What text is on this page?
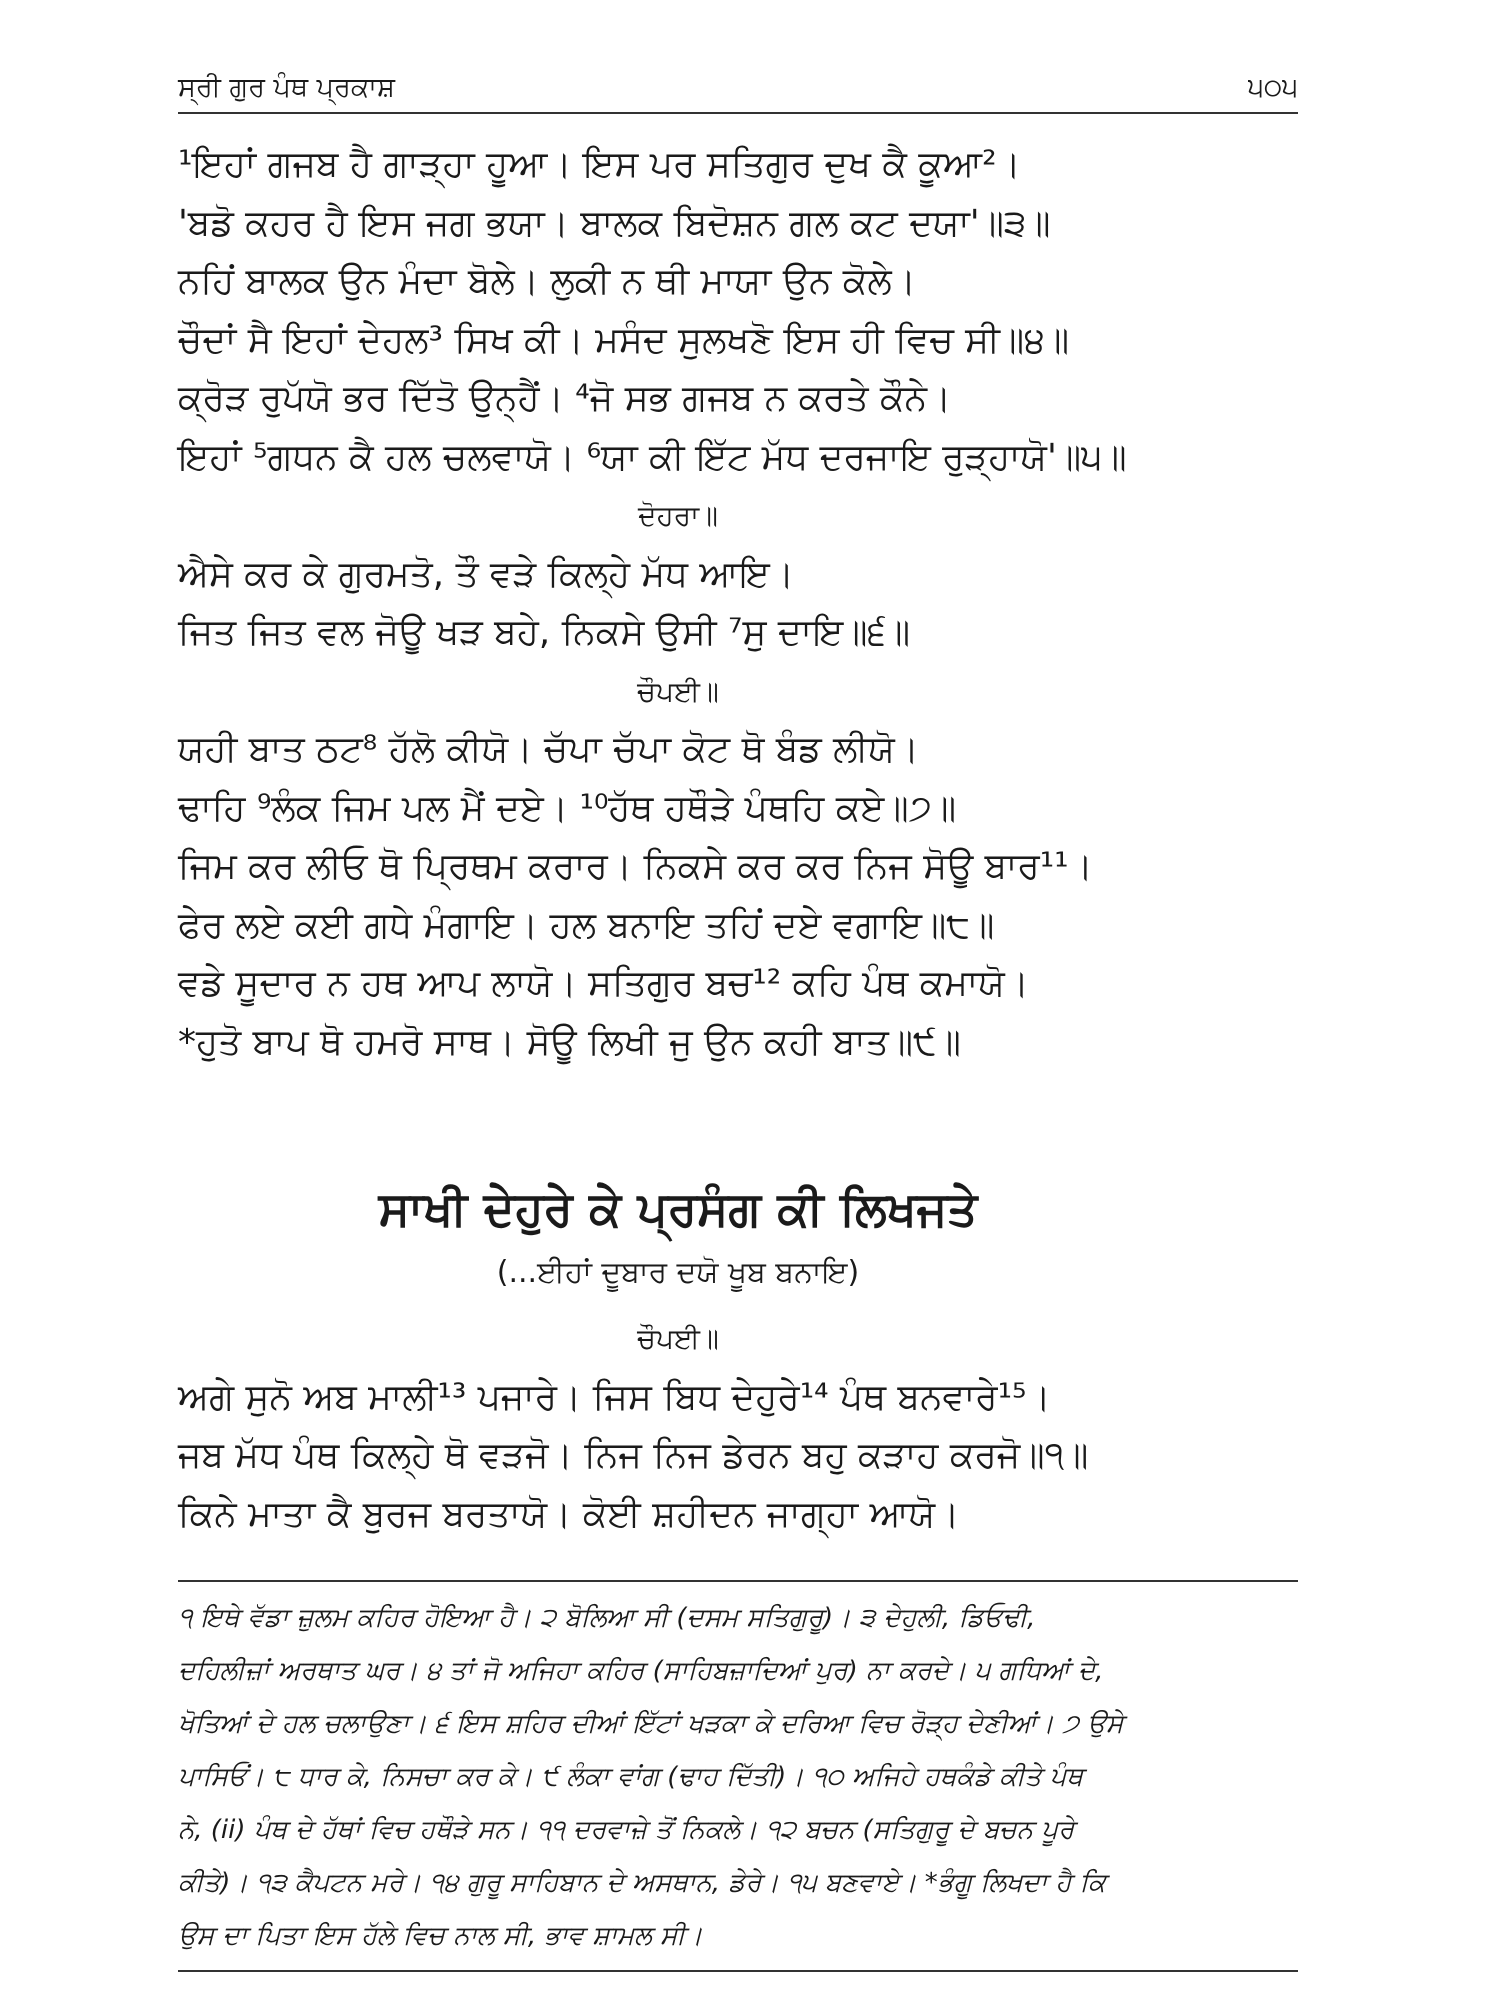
ਸ੍ਰੀ ਗੁਰ ਪੰਥ ਪ੍ਰਕਾਸ਼	੫੦੫
¹ਇਹਾਂ ਗਜਬ ਹੈ ਗਾੜ੍ਹਾ ਹੂਆ। ਇਸ ਪਰ ਸਤਿਗੁਰ ਦੁਖ ਕੈ ਕੂਆ²।
'ਬਡੋ ਕਹਰ ਹੈ ਇਸ ਜਗ ਭਯਾ। ਬਾਲਕ ਬਿਦੋਸ਼ਨ ਗਲ ਕਟ ਦਯਾ'॥੩॥
ਨਹਿਂ ਬਾਲਕ ਉਨ ਮੰਦਾ ਬੋਲੇ। ਲੁਕੀ ਨ ਥੀ ਮਾਯਾ ਉਨ ਕੋਲੇ।
ਚੌਦਾਂ ਸੈ ਇਹਾਂ ਦੇਹਲ³ ਸਿਖ ਕੀ। ਮਸੰਦ ਸੁਲਖਣੋ ਇਸ ਹੀ ਵਿਚ ਸੀ॥੪॥
ਕ੍ਰੋੜ ਰੁਪੱਯੋ ਭਰ ਦਿੱਤੋ ਉਨ੍ਹੈਂ। ⁴ਜੋ ਸਭ ਗਜਬ ਨ ਕਰਤੇ ਕੌਨੇ।
ਇਹਾਂ ⁵ਗਧਨ ਕੈ ਹਲ ਚਲਵਾਯੋ। ⁶ਯਾ ਕੀ ਇੱਟ ਮੱਧ ਦਰਜਾਇ ਰੁੜ੍ਹਾਯੋ'॥੫॥
ਦੋਹਰਾ॥
ਐਸੇ ਕਰ ਕੇ ਗੁਰਮਤੋ, ਤੌ ਵੜੇ ਕਿਲ੍ਹੇ ਮੱਧ ਆਇ।
ਜਿਤ ਜਿਤ ਵਲ ਜੋਊ ਖੜ ਬਹੇ, ਨਿਕਸੇ ਉਸੀ ⁷ਸੁ ਦਾਇ॥੬॥
ਚੌਪਈ॥
ਯਹੀ ਬਾਤ ਠਟ⁸ ਹੱਲੋ ਕੀਯੋ। ਚੱਪਾ ਚੱਪਾ ਕੋਟ ਥੋ ਬੰਡ ਲੀਯੋ।
ਢਾਹਿ ⁹ਲੰਕ ਜਿਮ ਪਲ ਮੈਂ ਦਏ। ¹⁰ਹੱਥ ਹਥੌੜੇ ਪੰਥਹਿ ਕਏ॥੭॥
ਜਿਮ ਕਰ ਲੀਓ ਥੋ ਪ੍ਰਿਥਮ ਕਰਾਰ। ਨਿਕਸੇ ਕਰ ਕਰ ਨਿਜ ਸੋਊ ਬਾਰ¹¹।
ਫੇਰ ਲਏ ਕਈ ਗਧੇ ਮੰਗਾਇ। ਹਲ ਬਨਾਇ ਤਹਿਂ ਦਏ ਵਗਾਇ॥੮॥
ਵਡੇ ਸੂਦਾਰ ਨ ਹਥ ਆਪ ਲਾਯੋ। ਸਤਿਗੁਰ ਬਚ¹² ਕਹਿ ਪੰਥ ਕਮਾਯੋ।
*ਹੁਤੋ ਬਾਪ ਥੋ ਹਮਰੋ ਸਾਥ। ਸੋਊ ਲਿਖੀ ਜੁ ਉਨ ਕਹੀ ਬਾਤ॥੯॥
ਸਾਖੀ ਦੇਹੁਰੇ ਕੇ ਪ੍ਰਸੰਗ ਕੀ ਲਿਖਜਤੇ
(...ਈਹਾਂ ਦੂਬਾਰ ਦਯੋ ਖੂਬ ਬਨਾਇ)
ਚੌਪਈ॥
ਅਗੇ ਸੁਨੋ ਅਬ ਮਾਲੀ¹³ ਪਜਾਰੇ। ਜਿਸ ਬਿਧ ਦੇਹੁਰੇ¹⁴ ਪੰਥ ਬਨਵਾਰੇ¹⁵।
ਜਬ ਮੱਧ ਪੰਥ ਕਿਲ੍ਹੇ ਥੋ ਵੜਜੋ। ਨਿਜ ਨਿਜ ਡੇਰਨ ਬਹੁ ਕੜਾਹ ਕਰਜੋ॥੧॥
ਕਿਨੇ ਮਾਤਾ ਕੈ ਬੁਰਜ ਬਰਤਾਯੋ। ਕੋਈ ਸ਼ਹੀਦਨ ਜਾਗ੍ਹਾ ਆਯੋ।
੧ ਇਥੇ ਵੱਡਾ ਜ਼ੁਲਮ ਕਹਿਰ ਹੋਇਆ ਹੈ। ੨ ਬੋਲਿਆ ਸੀ (ਦਸਮ ਸਤਿਗੁਰੂ)। ੩ ਦੇਹੁਲੀ, ਡਿਓਢੀ,
ਦਹਿਲੀਜ਼ਾਂ ਅਰਥਾਤ ਘਰ। ੪ ਤਾਂ ਜੋ ਅਜਿਹਾ ਕਹਿਰ (ਸਾਹਿਬਜ਼ਾਦਿਆਂ ਪੁਰ) ਨਾ ਕਰਦੇ। ੫ ਗਧਿਆਂ ਦੇ,
ਖੋਤਿਆਂ ਦੇ ਹਲ ਚਲਾਉਣਾ। ੬ ਇਸ ਸ਼ਹਿਰ ਦੀਆਂ ਇੱਟਾਂ ਖੜਕਾ ਕੇ ਦਰਿਆ ਵਿਚ ਰੋੜ੍ਹ ਦੇਣੀਆਂ। ੭ ਉਸੇ
ਪਾਸਿਓਂ। ੮ ਧਾਰ ਕੇ, ਨਿਸਚਾ ਕਰ ਕੇ। ੯ ਲੰਕਾ ਵਾਂਗ (ਢਾਹ ਦਿੱਤੀ)। ੧੦ ਅਜਿਹੇ ਹਥਕੰਡੇ ਕੀਤੇ ਪੰਥ
ਨੇ, (ii) ਪੰਥ ਦੇ ਹੱਥਾਂ ਵਿਚ ਹਥੌੜੇ ਸਨ। ੧੧ ਦਰਵਾਜ਼ੇ ਤੋਂ ਨਿਕਲੇ। ੧੨ ਬਚਨ (ਸਤਿਗੁਰੂ ਦੇ ਬਚਨ ਪੂਰੇ
ਕੀਤੇ)। ੧੩ ਕੈਪਟਨ ਮਰੇ। ੧੪ ਗੁਰੂ ਸਾਹਿਬਾਨ ਦੇ ਅਸਥਾਨ, ਡੇਰੇ। ੧੫ ਬਣਵਾਏ। *ਭੰਗੂ ਲਿਖਦਾ ਹੈ ਕਿ
ਉਸ ਦਾ ਪਿਤਾ ਇਸ ਹੱਲੇ ਵਿਚ ਨਾਲ ਸੀ, ਭਾਵ ਸ਼ਾਮਲ ਸੀ।
